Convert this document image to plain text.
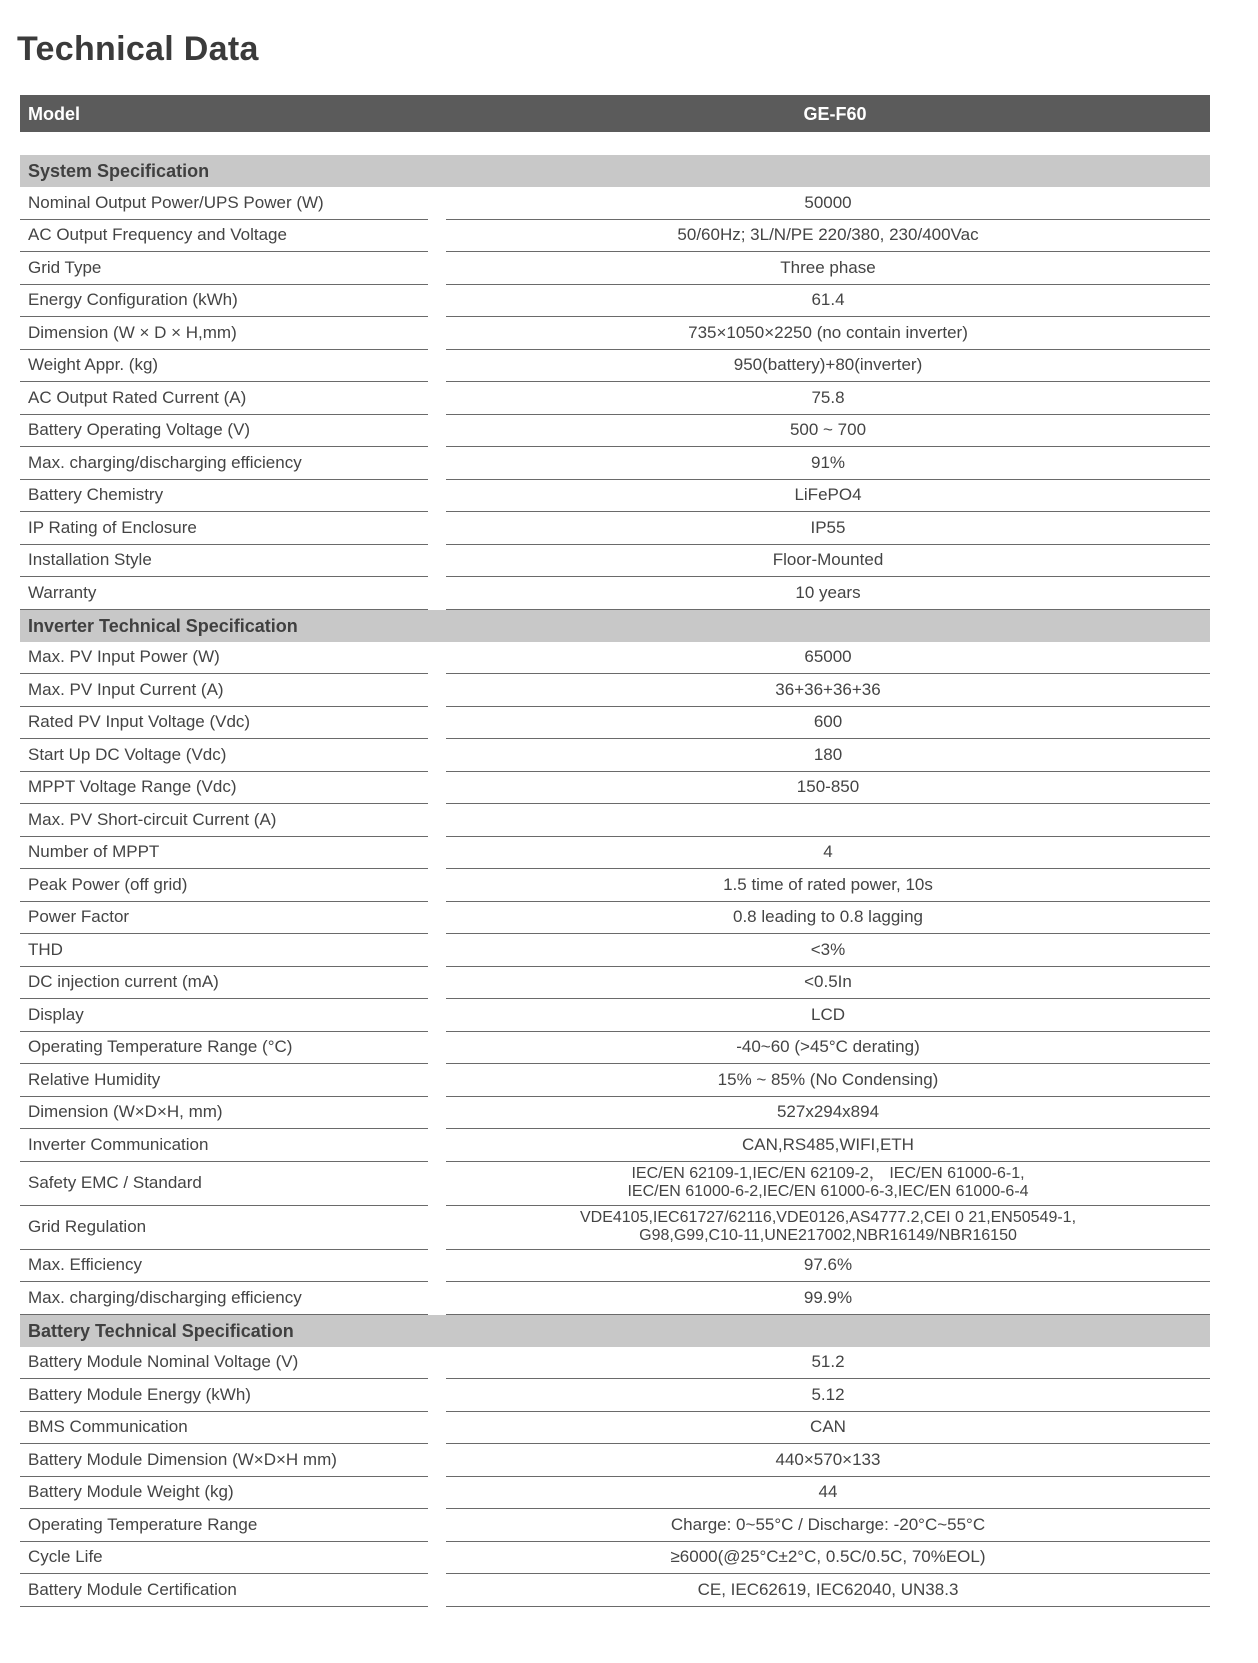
Technical Data
Model	GE-F60
System Specification
Nominal Output Power/UPS Power (W)	50000
AC Output Frequency and Voltage	50/60Hz; 3L/N/PE 220/380, 230/400Vac
Grid Type	Three phase
Energy Configuration (kWh)	61.4
Dimension (W × D × H,mm)	735×1050×2250 (no contain inverter)
Weight Appr. (kg)	950(battery)+80(inverter)
AC Output Rated Current (A)	75.8
Battery Operating Voltage (V)	500 ~ 700
Max. charging/discharging efficiency	91%
Battery Chemistry	LiFePO4
IP Rating of Enclosure	IP55
Installation Style	Floor-Mounted
Warranty	10 years
Inverter Technical Specification
Max. PV Input Power (W)	65000
Max. PV Input Current (A)	36+36+36+36
Rated PV Input Voltage (Vdc)	600
Start Up DC Voltage (Vdc)	180
MPPT Voltage Range (Vdc)	150-850
Max. PV Short-circuit Current (A)
Number of MPPT	4
Peak Power (off grid)	1.5 time of rated power, 10s
Power Factor	0.8 leading to 0.8 lagging
THD	<3%
DC injection current (mA)	<0.5In
Display	LCD
Operating Temperature Range (°C)	-40~60 (>45°C derating)
Relative Humidity	15% ~ 85% (No Condensing)
Dimension (W×D×H, mm)	527x294x894
Inverter Communication	CAN,RS485,WIFI,ETH
Safety EMC / Standard	IEC/EN 62109-1,IEC/EN 62109-2， IEC/EN 61000-6-1,
IEC/EN 61000-6-2,IEC/EN 61000-6-3,IEC/EN 61000-6-4
Grid Regulation	VDE4105,IEC61727/62116,VDE0126,AS4777.2,CEI 0 21,EN50549-1,
G98,G99,C10-11,UNE217002,NBR16149/NBR16150
Max. Efficiency	97.6%
Max. charging/discharging efficiency	99.9%
Battery Technical Specification
Battery Module Nominal Voltage (V)	51.2
Battery Module Energy (kWh)	5.12
BMS Communication	CAN
Battery Module Dimension (W×D×H mm)	440×570×133
Battery Module Weight (kg)	44
Operating Temperature Range	Charge: 0~55°C / Discharge: -20°C~55°C
Cycle Life	≥6000(@25°C±2°C, 0.5C/0.5C, 70%EOL)
Battery Module Certification	CE, IEC62619, IEC62040, UN38.3
